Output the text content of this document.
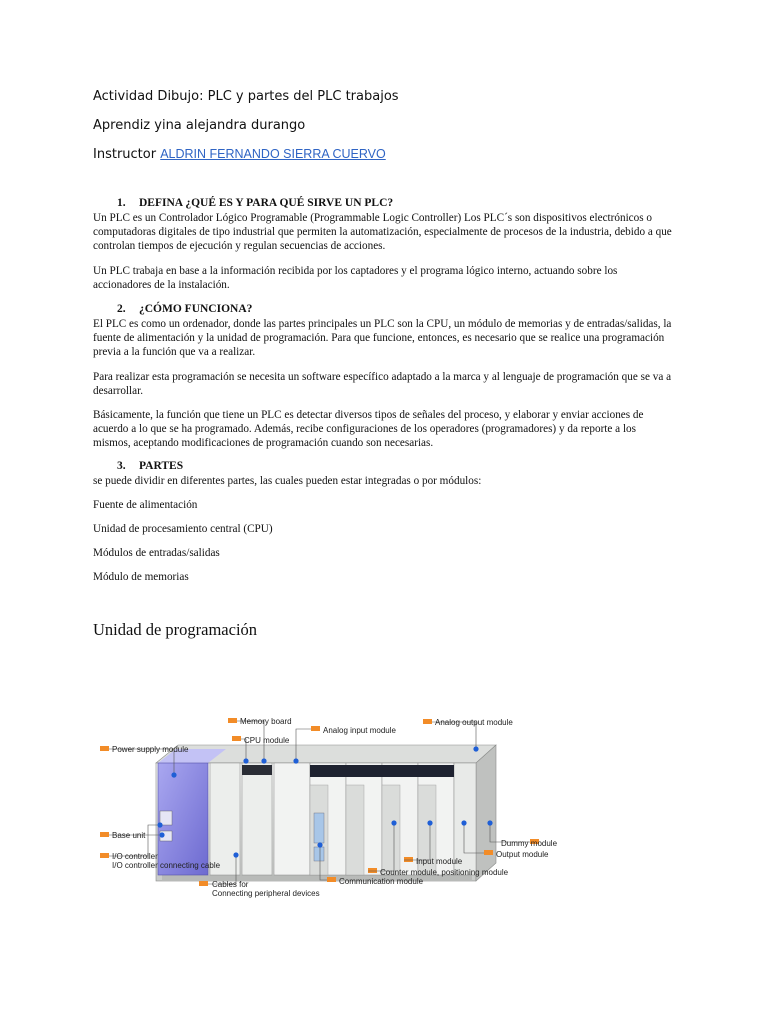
Actividad Dibujo: PLC y partes del PLC trabajos
Aprendiz yina alejandra durango
Instructor ALDRIN FERNANDO SIERRA CUERVO
1. DEFINA ¿QUÉ ES Y PARA QUÉ SIRVE UN PLC?
Un PLC es un Controlador Lógico Programable (Programmable Logic Controller) Los PLC´s son dispositivos electrónicos o computadoras digitales de tipo industrial que permiten la automatización, especialmente de procesos de la industria, debido a que controlan tiempos de ejecución y regulan secuencias de acciones.
Un PLC trabaja en base a la información recibida por los captadores y el programa lógico interno, actuando sobre los accionadores de la instalación.
2. ¿CÓMO FUNCIONA?
El PLC es como un ordenador, donde las partes principales un PLC son la CPU, un módulo de memorias y de entradas/salidas, la fuente de alimentación y la unidad de programación. Para que funcione, entonces, es necesario que se realice una programación previa a la función que va a realizar.
Para realizar esta programación se necesita un software específico adaptado a la marca y al lenguaje de programación que se va a desarrollar.
Básicamente, la función que tiene un PLC es detectar diversos tipos de señales del proceso, y elaborar y enviar acciones de acuerdo a lo que se ha programado. Además, recibe configuraciones de los operadores (programadores) y da reporte a los mismos, aceptando modificaciones de programación cuando son necesarias.
3. PARTES
se puede dividir en diferentes partes, las cuales pueden estar integradas o por módulos:
Fuente de alimentación
Unidad de procesamiento central (CPU)
Módulos de entradas/salidas
Módulo de memorias
Unidad de programación
Memory board
Analog input module
Analog output module
CPU module
Power supply module
Base unit
I/O controller
I/O controller connecting cable
Cables for
Connecting peripheral devices
Communication module
Counter module, positioning module
Input module
Output module
Dummy module
